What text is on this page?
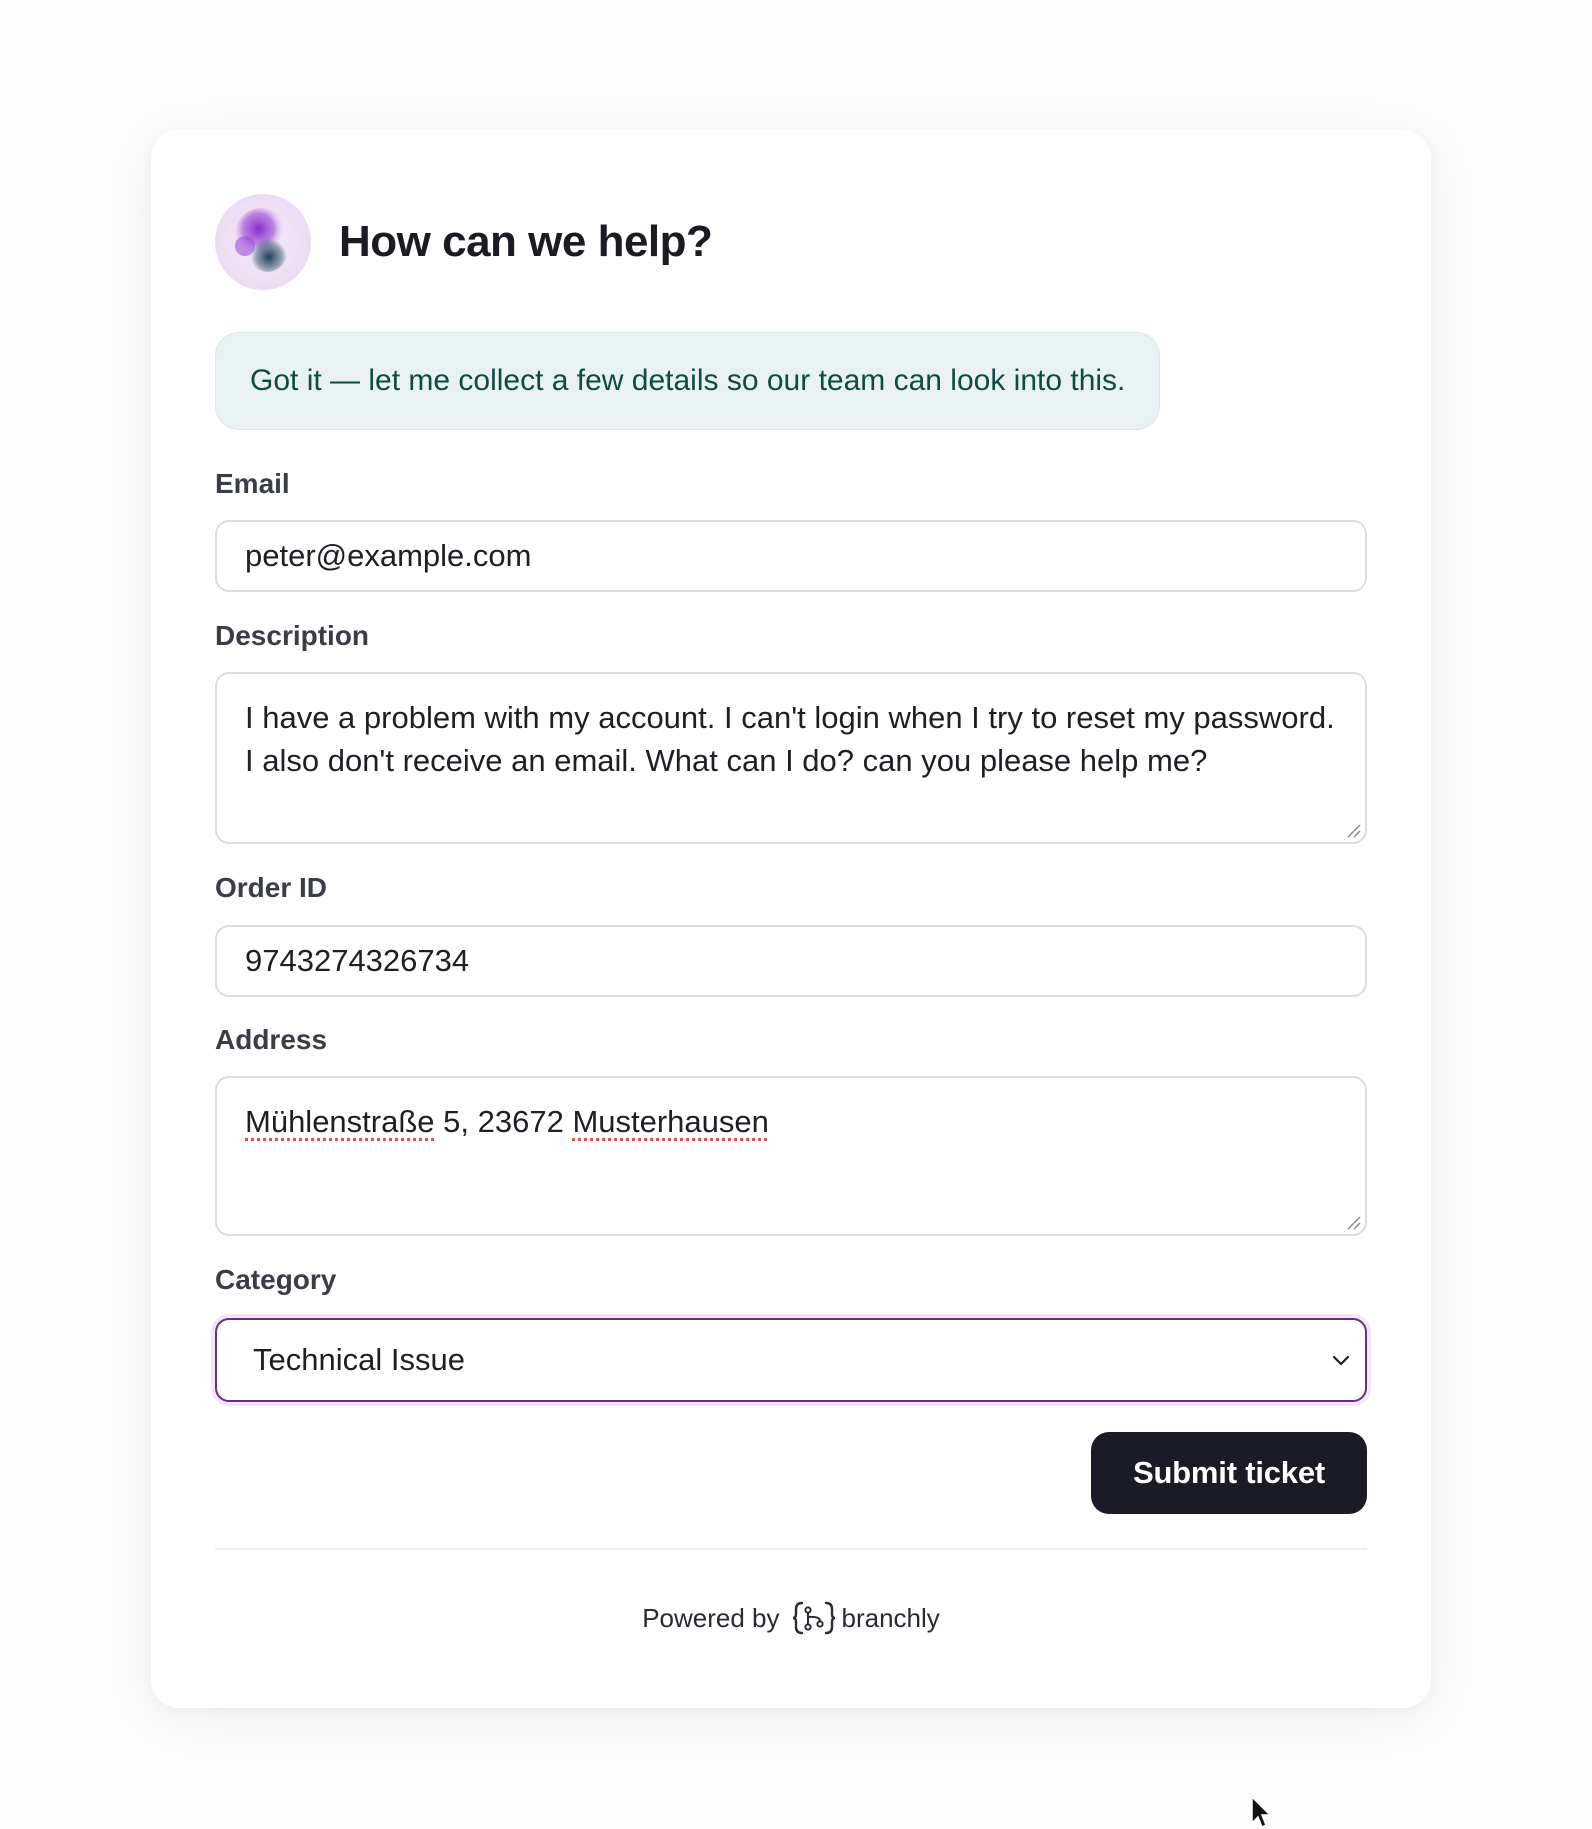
How can we help?
Got it — let me collect a few details so our team can look into this.
Email
peter@example.com
Description
I have a problem with my account. I can't login when I try to reset my password. I also don't receive an email. What can I do? can you please help me?
Order ID
9743274326734
Address
Mühlenstraße 5, 23672 Musterhausen
Category
Technical Issue
Submit ticket
Powered by branchly
